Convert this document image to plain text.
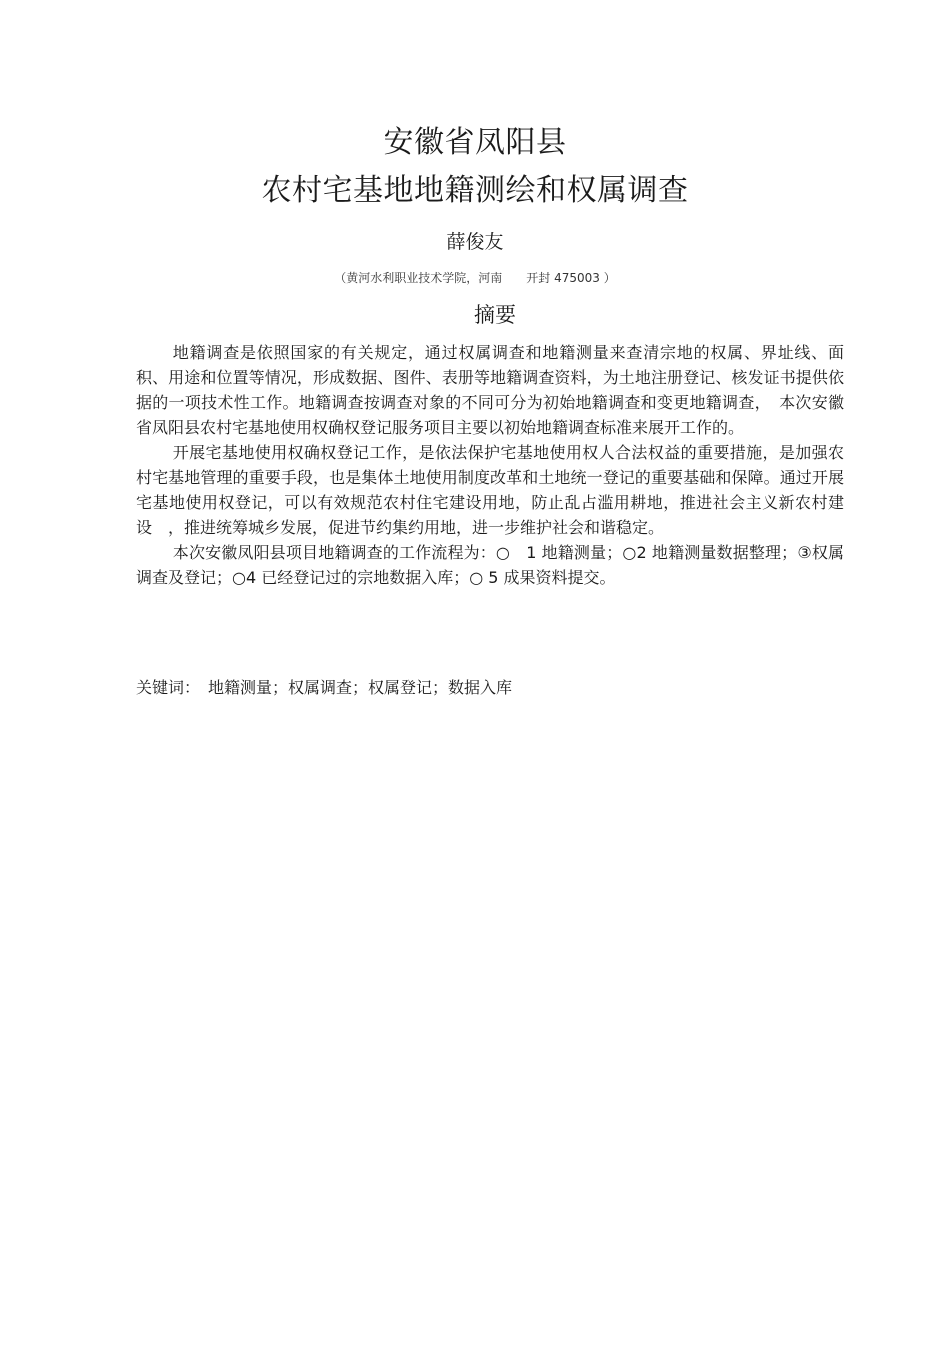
安徽省凤阳县
农村宅基地地籍测绘和权属调查
薛俊友
（黄河水利职业技术学院，河南　　开封 475003 ）
摘要

地籍调查是依照国家的有关规定，通过权属调查和地籍测量来查清宗地的权属、界址线、面积、用途和位置等情况，形成数据、图件、表册等地籍调查资料，为土地注册登记、核发证书提供依据的一项技术性工作。地籍调查按调查对象的不同可分为初始地籍调查和变更地籍调查，　本次安徽省凤阳县农村宅基地使用权确权登记服务项目主要以初始地籍调查标准来展开工作的。

开展宅基地使用权确权登记工作，是依法保护宅基地使用权人合法权益的重要措施，是加强农村宅基地管理的重要手段，也是集体土地使用制度改革和土地统一登记的重要基础和保障。通过开展宅基地使用权登记，可以有效规范农村住宅建设用地，防止乱占滥用耕地，推进社会主义新农村建设　，推进统筹城乡发展，促进节约集约用地，进一步维护社会和谐稳定。

本次安徽凤阳县项目地籍调查的工作流程为：○　1 地籍测量；○2 地籍测量数据整理；③权属调查及登记；○4 已经登记过的宗地数据入库；○ 5 成果资料提交。

关键词： 地籍测量；权属调查；权属登记；数据入库
